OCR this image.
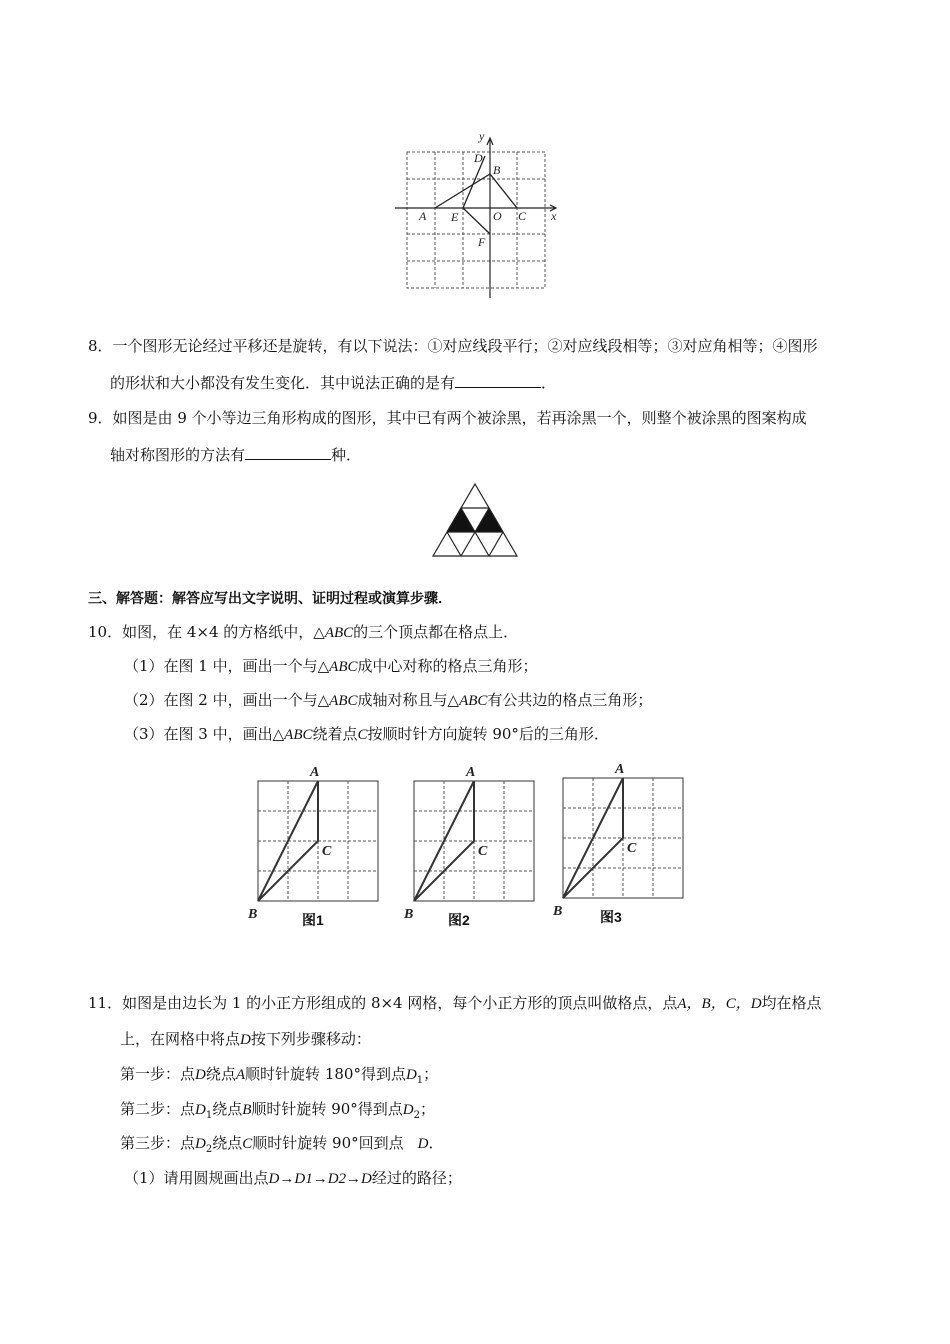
y
x
D
B
A E	O C
F
8．一个图形无论经过平移还是旋转，有以下说法：①对应线段平行；②对应线段相等；③对应角相等；④图形
的形状和大小都没有发生变化．其中说法正确的是有	．
9．如图是由 9 个小等边三角形构成的图形，其中已有两个被涂黑，若再涂黑一个，则整个被涂黑的图案构成
轴对称图形的方法有	种．
三、解答题：解答应写出文字说明、证明过程或演算步骤．
10．如图，在 4×4 的方格纸中，△ABC的三个顶点都在格点上．
（1）在图 1 中，画出一个与△ABC成中心对称的格点三角形；
（2）在图 2 中，画出一个与△ABC成轴对称且与△ABC有公共边的格点三角形；
（3）在图 3 中，画出△ABC绕着点C按顺时针方向旋转 90°后的三角形．
A
C
B	图1
A
C
B 图2
A
C
B	图3
11．如图是由边长为 1 的小正方形组成的 8×4 网格，每个小正方形的顶点叫做格点，点A，B，C，D均在格点
上，在网格中将点D按下列步骤移动：
第一步：点D绕点A顺时针旋转 180°得到点$D_1$；
第二步：点$D_1$绕点B顺时针旋转 90°得到点$D_2$；
第三步：点$D_2$绕点C顺时针旋转 90°回到点 D．
（1）请用圆规画出点D→D1→D2→D经过的路径；
